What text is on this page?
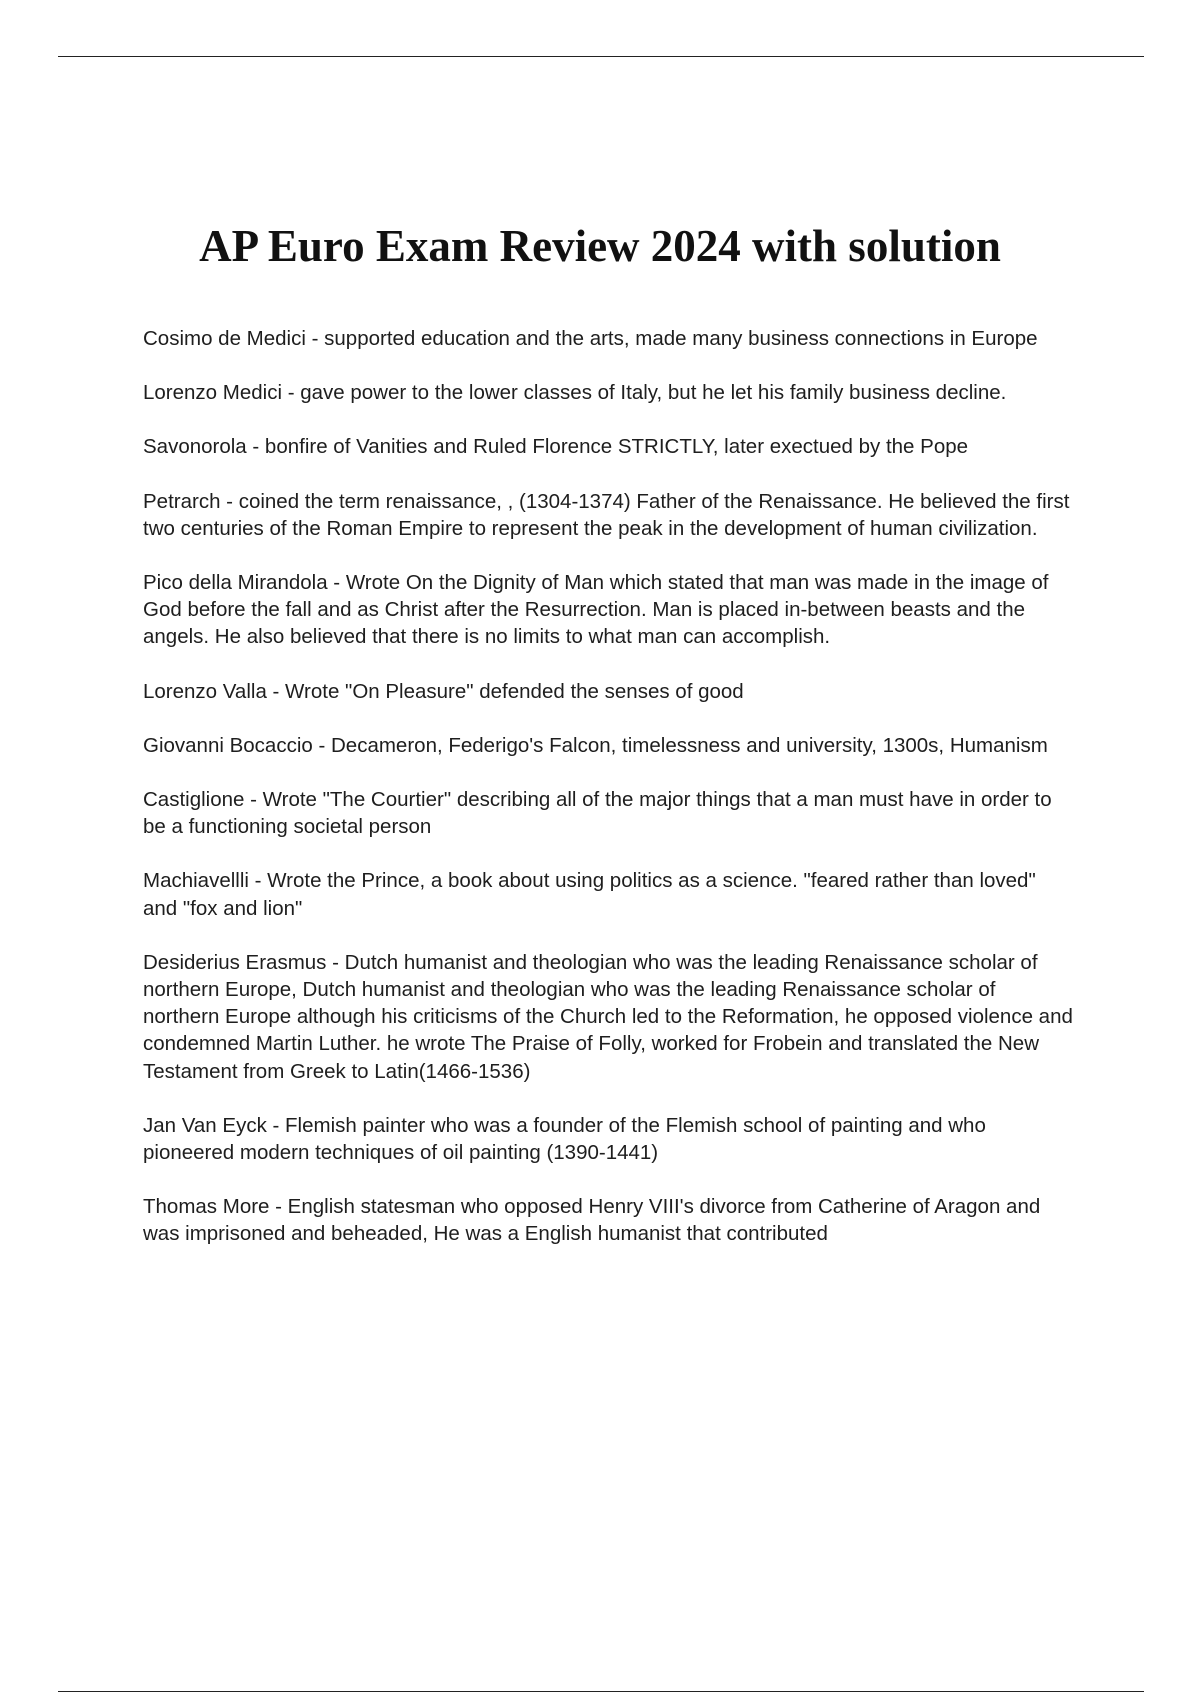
AP Euro Exam Review 2024 with solution
Cosimo de Medici - supported education and the arts, made many business connections in Europe
Lorenzo Medici - gave power to the lower classes of Italy, but he let his family business decline.
Savonorola - bonfire of Vanities and Ruled Florence STRICTLY, later exectued by the Pope
Petrarch - coined the term renaissance, , (1304-1374) Father of the Renaissance. He believed the first two centuries of the Roman Empire to represent the peak in the development of human civilization.
Pico della Mirandola - Wrote On the Dignity of Man which stated that man was made in the image of God before the fall and as Christ after the Resurrection. Man is placed in-between beasts and the angels. He also believed that there is no limits to what man can accomplish.
Lorenzo Valla - Wrote "On Pleasure" defended the senses of good
Giovanni Bocaccio - Decameron, Federigo's Falcon, timelessness and university, 1300s, Humanism
Castiglione - Wrote "The Courtier" describing all of the major things that a man must have in order to be a functioning societal person
Machiavellli - Wrote the Prince, a book about using politics as a science. "feared rather than loved" and "fox and lion"
Desiderius Erasmus - Dutch humanist and theologian who was the leading Renaissance scholar of northern Europe, Dutch humanist and theologian who was the leading Renaissance scholar of northern Europe although his criticisms of the Church led to the Reformation, he opposed violence and condemned Martin Luther. he wrote The Praise of Folly, worked for Frobein and translated the New Testament from Greek to Latin(1466-1536)
Jan Van Eyck - Flemish painter who was a founder of the Flemish school of painting and who pioneered modern techniques of oil painting (1390-1441)
Thomas More - English statesman who opposed Henry VIII's divorce from Catherine of Aragon and was imprisoned and beheaded, He was a English humanist that contributed
